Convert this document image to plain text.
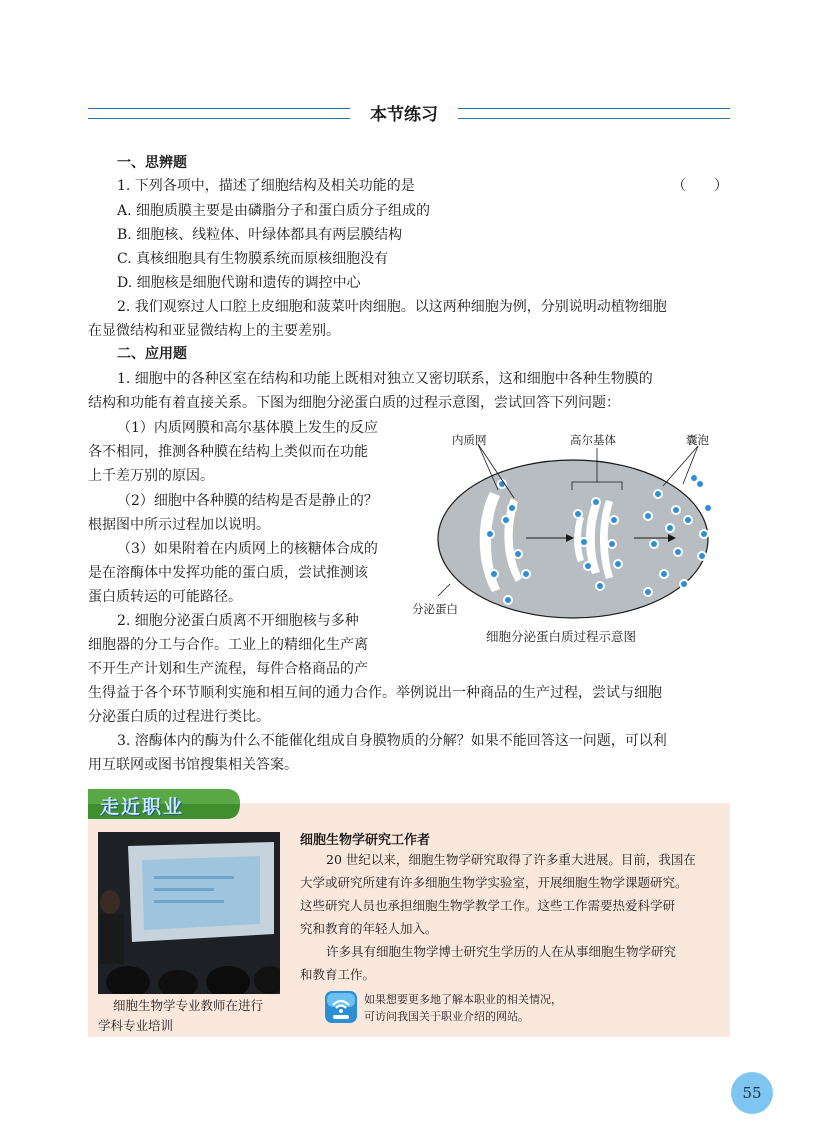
本节练习
一、思辨题
1. 下列各项中，描述了细胞结构及相关功能的是	（　　）
A. 细胞质膜主要是由磷脂分子和蛋白质分子组成的
B. 细胞核、线粒体、叶绿体都具有两层膜结构
C. 真核细胞具有生物膜系统而原核细胞没有
D. 细胞核是细胞代谢和遗传的调控中心
2. 我们观察过人口腔上皮细胞和菠菜叶肉细胞。以这两种细胞为例，分别说明动植物细胞
在显微结构和亚显微结构上的主要差别。
二、应用题
1. 细胞中的各种区室在结构和功能上既相对独立又密切联系，这和细胞中各种生物膜的
结构和功能有着直接关系。下图为细胞分泌蛋白质的过程示意图，尝试回答下列问题：
（1）内质网膜和高尔基体膜上发生的反应
各不相同，推测各种膜在结构上类似而在功能
上千差万别的原因。
（2）细胞中各种膜的结构是否是静止的？
根据图中所示过程加以说明。
（3）如果附着在内质网上的核糖体合成的
是在溶酶体中发挥功能的蛋白质，尝试推测该
蛋白质转运的可能路径。
2. 细胞分泌蛋白质离不开细胞核与多种
细胞器的分工与合作。工业上的精细化生产离
不开生产计划和生产流程，每件合格商品的产
生得益于各个环节顺利实施和相互间的通力合作。举例说出一种商品的生产过程，尝试与细胞
分泌蛋白质的过程进行类比。
3. 溶酶体内的酶为什么不能催化组成自身膜物质的分解？如果不能回答这一问题，可以利
用互联网或图书馆搜集相关答案。
内质网	高尔基体	囊泡
分泌蛋白
细胞分泌蛋白质过程示意图
走近职业
细胞生物学专业教师在进行
学科专业培训
细胞生物学研究工作者
20 世纪以来，细胞生物学研究取得了许多重大进展。目前，我国在
大学或研究所建有许多细胞生物学实验室，开展细胞生物学课题研究。
这些研究人员也承担细胞生物学教学工作。这些工作需要热爱科学研
究和教育的年轻人加入。
许多具有细胞生物学博士研究生学历的人在从事细胞生物学研究
和教育工作。
如果想要更多地了解本职业的相关情况，
可访问我国关于职业介绍的网站。
55
